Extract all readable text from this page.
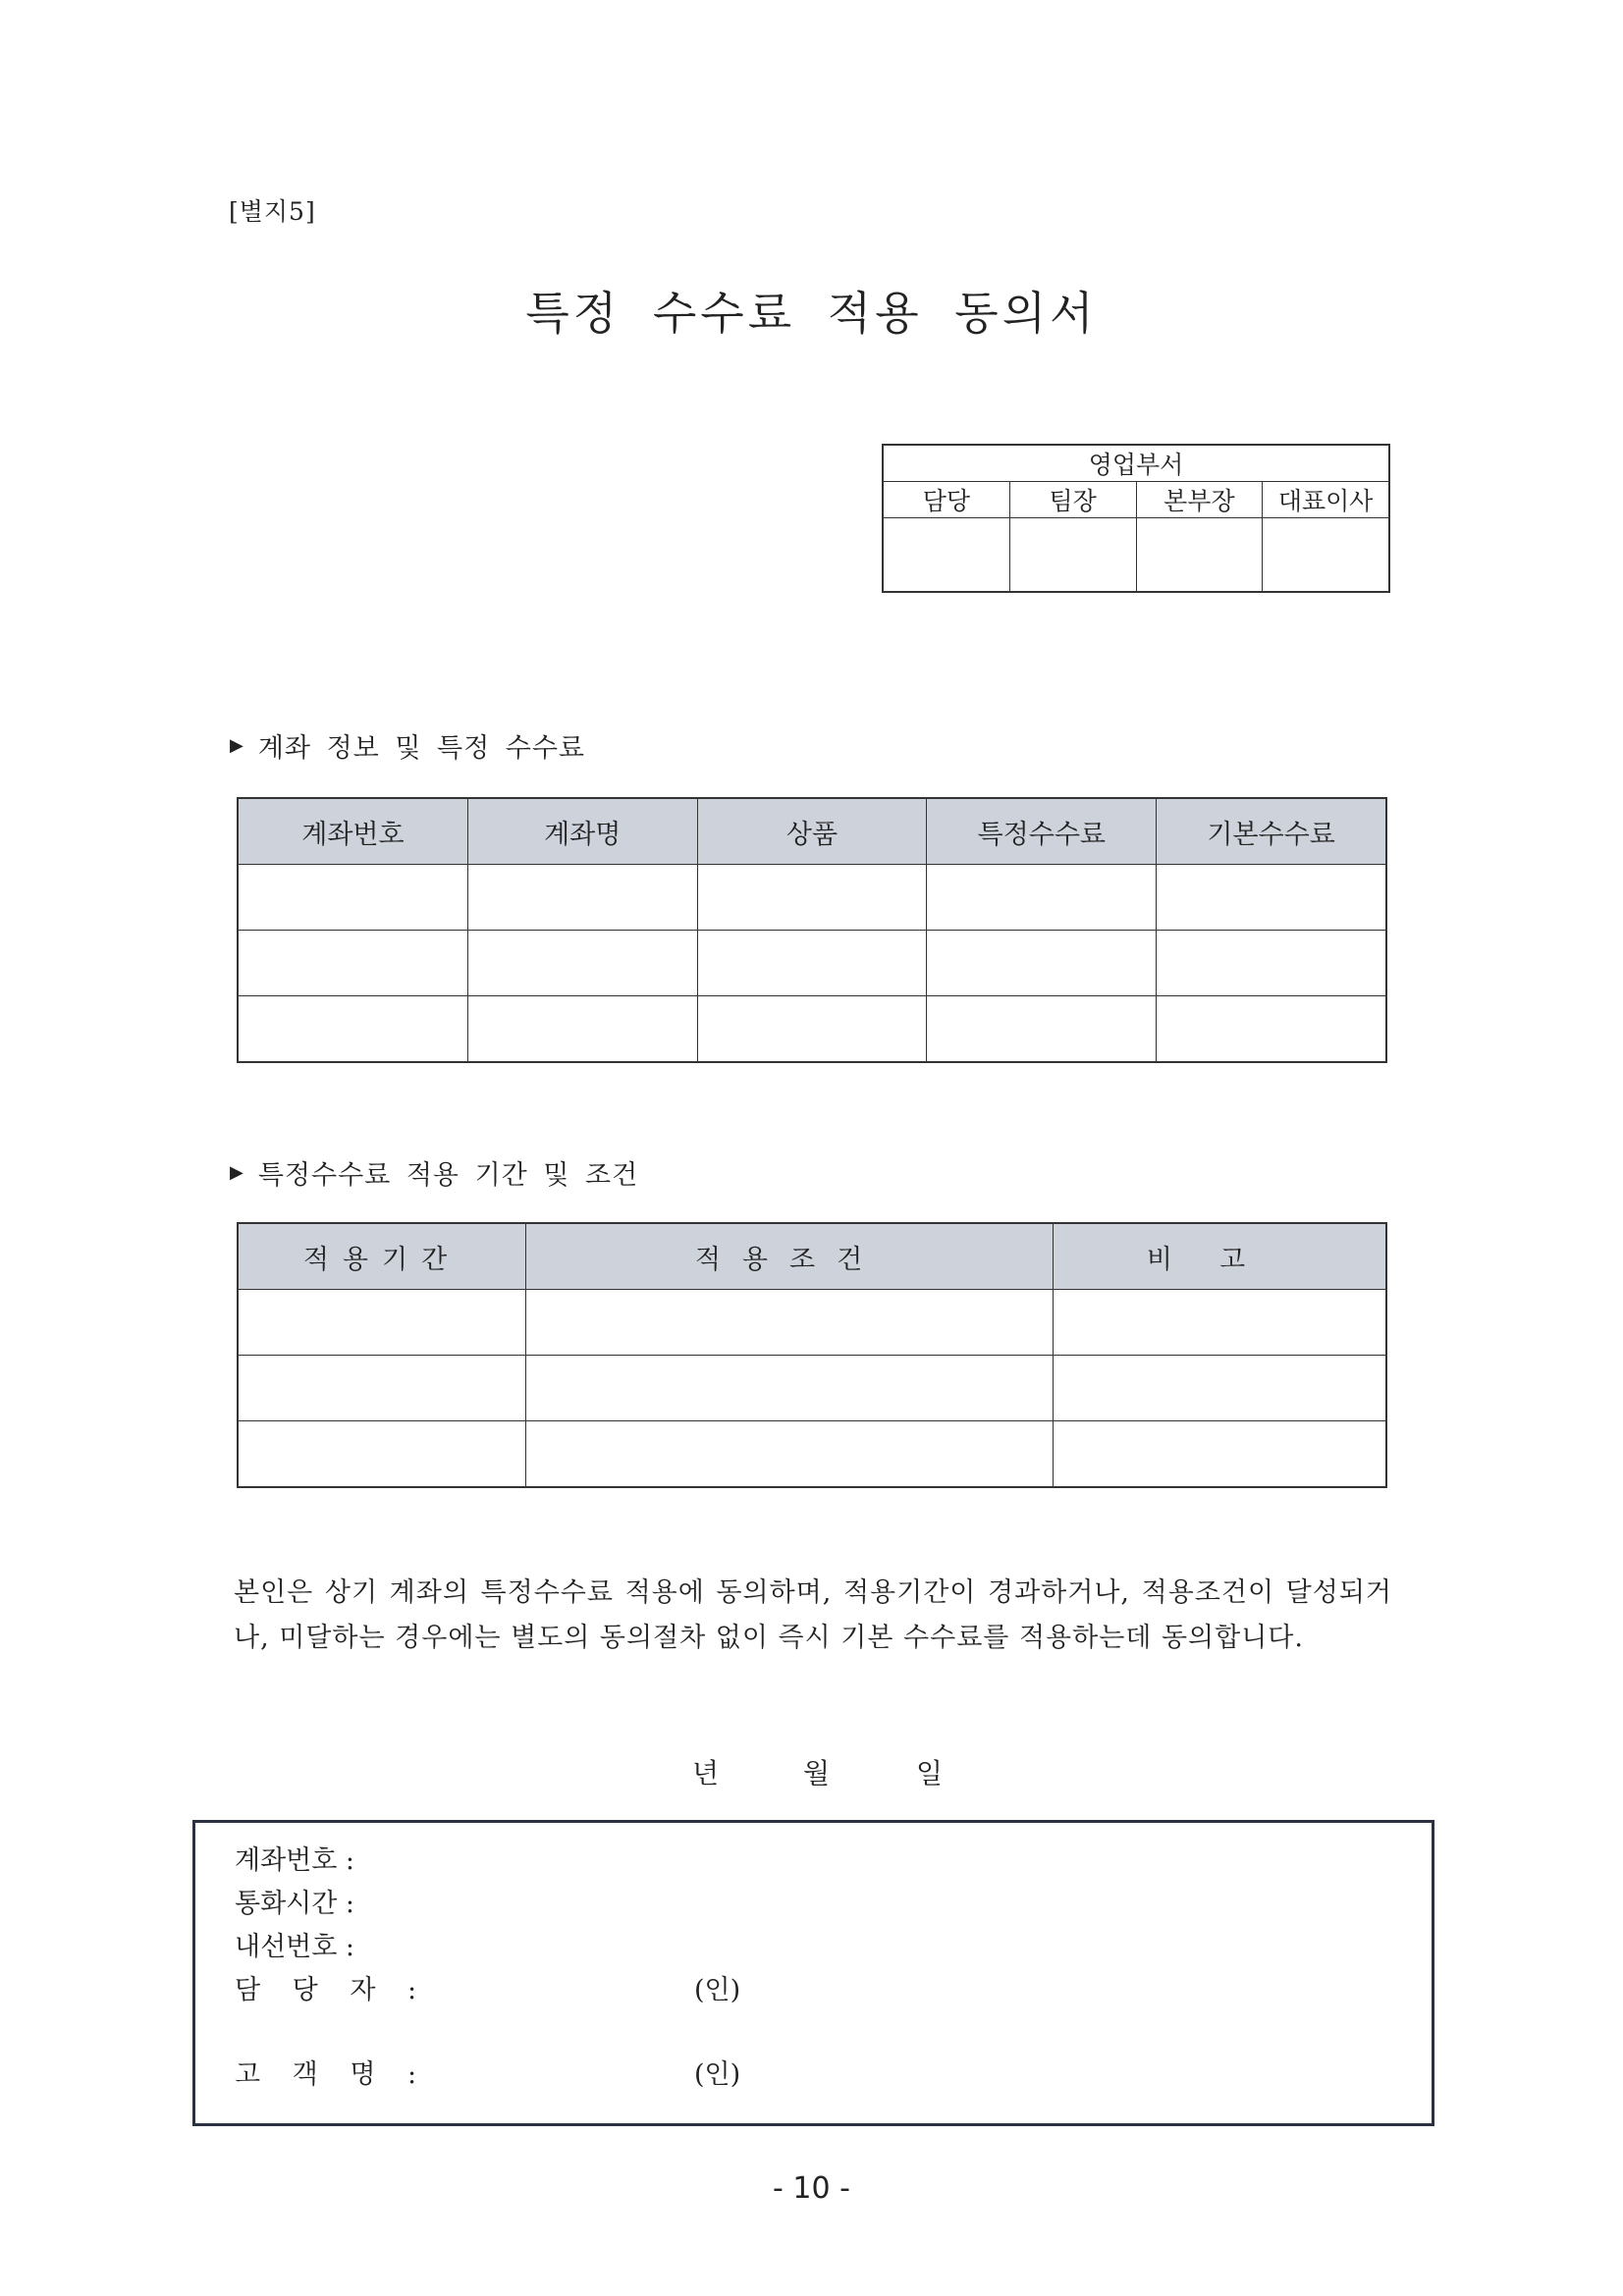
[별지5]
특정 수수료 적용 동의서
영업부서			
담당	팀장	본부장	대표이사

▶ 계좌 정보 및 특정 수수료
계좌번호	계좌명	상품	특정수수료	기본수수료

▶ 특정수수료 적용 기간 및 조건
적용기간	적용조건	비고

본인은 상기 계좌의 특정수수료 적용에 동의하며, 적용기간이 경과하거나, 적용조건이 달성되거나, 미달하는 경우에는 별도의 동의절차 없이 즉시 기본 수수료를 적용하는데 동의합니다.
년	월	일
계좌번호 :
통화시간 :
내선번호 :
담 당 자 :	(인)
고 객 명 :	(인)
- 10 -
